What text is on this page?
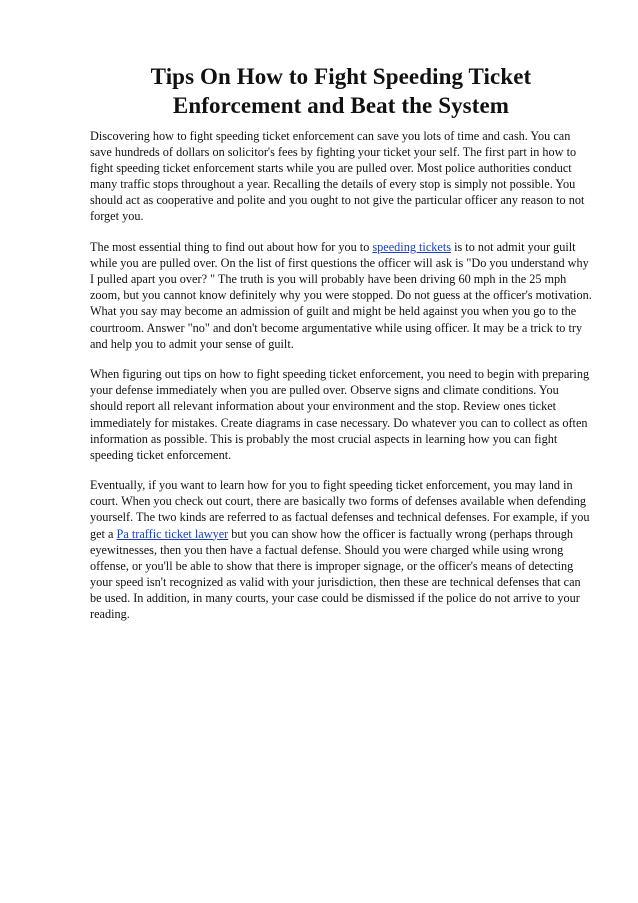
Tips On How to Fight Speeding Ticket
Enforcement and Beat the System

Discovering how to fight speeding ticket enforcement can save you lots of time and cash. You can save hundreds of dollars on solicitor's fees by fighting your ticket your self. The first part in how to fight speeding ticket enforcement starts while you are pulled over. Most police authorities conduct many traffic stops throughout a year. Recalling the details of every stop is simply not possible. You should act as cooperative and polite and you ought to not give the particular officer any reason to not forget you.

The most essential thing to find out about how for you to speeding tickets is to not admit your guilt while you are pulled over. On the list of first questions the officer will ask is "Do you understand why I pulled apart you over? " The truth is you will probably have been driving 60 mph in the 25 mph zoom, but you cannot know definitely why you were stopped. Do not guess at the officer's motivation. What you say may become an admission of guilt and might be held against you when you go to the courtroom. Answer "no" and don't become argumentative while using officer. It may be a trick to try and help you to admit your sense of guilt.

When figuring out tips on how to fight speeding ticket enforcement, you need to begin with preparing your defense immediately when you are pulled over. Observe signs and climate conditions. You should report all relevant information about your environment and the stop. Review ones ticket immediately for mistakes. Create diagrams in case necessary. Do whatever you can to collect as often information as possible. This is probably the most crucial aspects in learning how you can fight speeding ticket enforcement.

Eventually, if you want to learn how for you to fight speeding ticket enforcement, you may land in court. When you check out court, there are basically two forms of defenses available when defending yourself. The two kinds are referred to as factual defenses and technical defenses. For example, if you get a Pa traffic ticket lawyer but you can show how the officer is factually wrong (perhaps through eyewitnesses, then you then have a factual defense. Should you were charged while using wrong offense, or you'll be able to show that there is improper signage, or the officer's means of detecting your speed isn't recognized as valid with your jurisdiction, then these are technical defenses that can be used. In addition, in many courts, your case could be dismissed if the police do not arrive to your reading.
